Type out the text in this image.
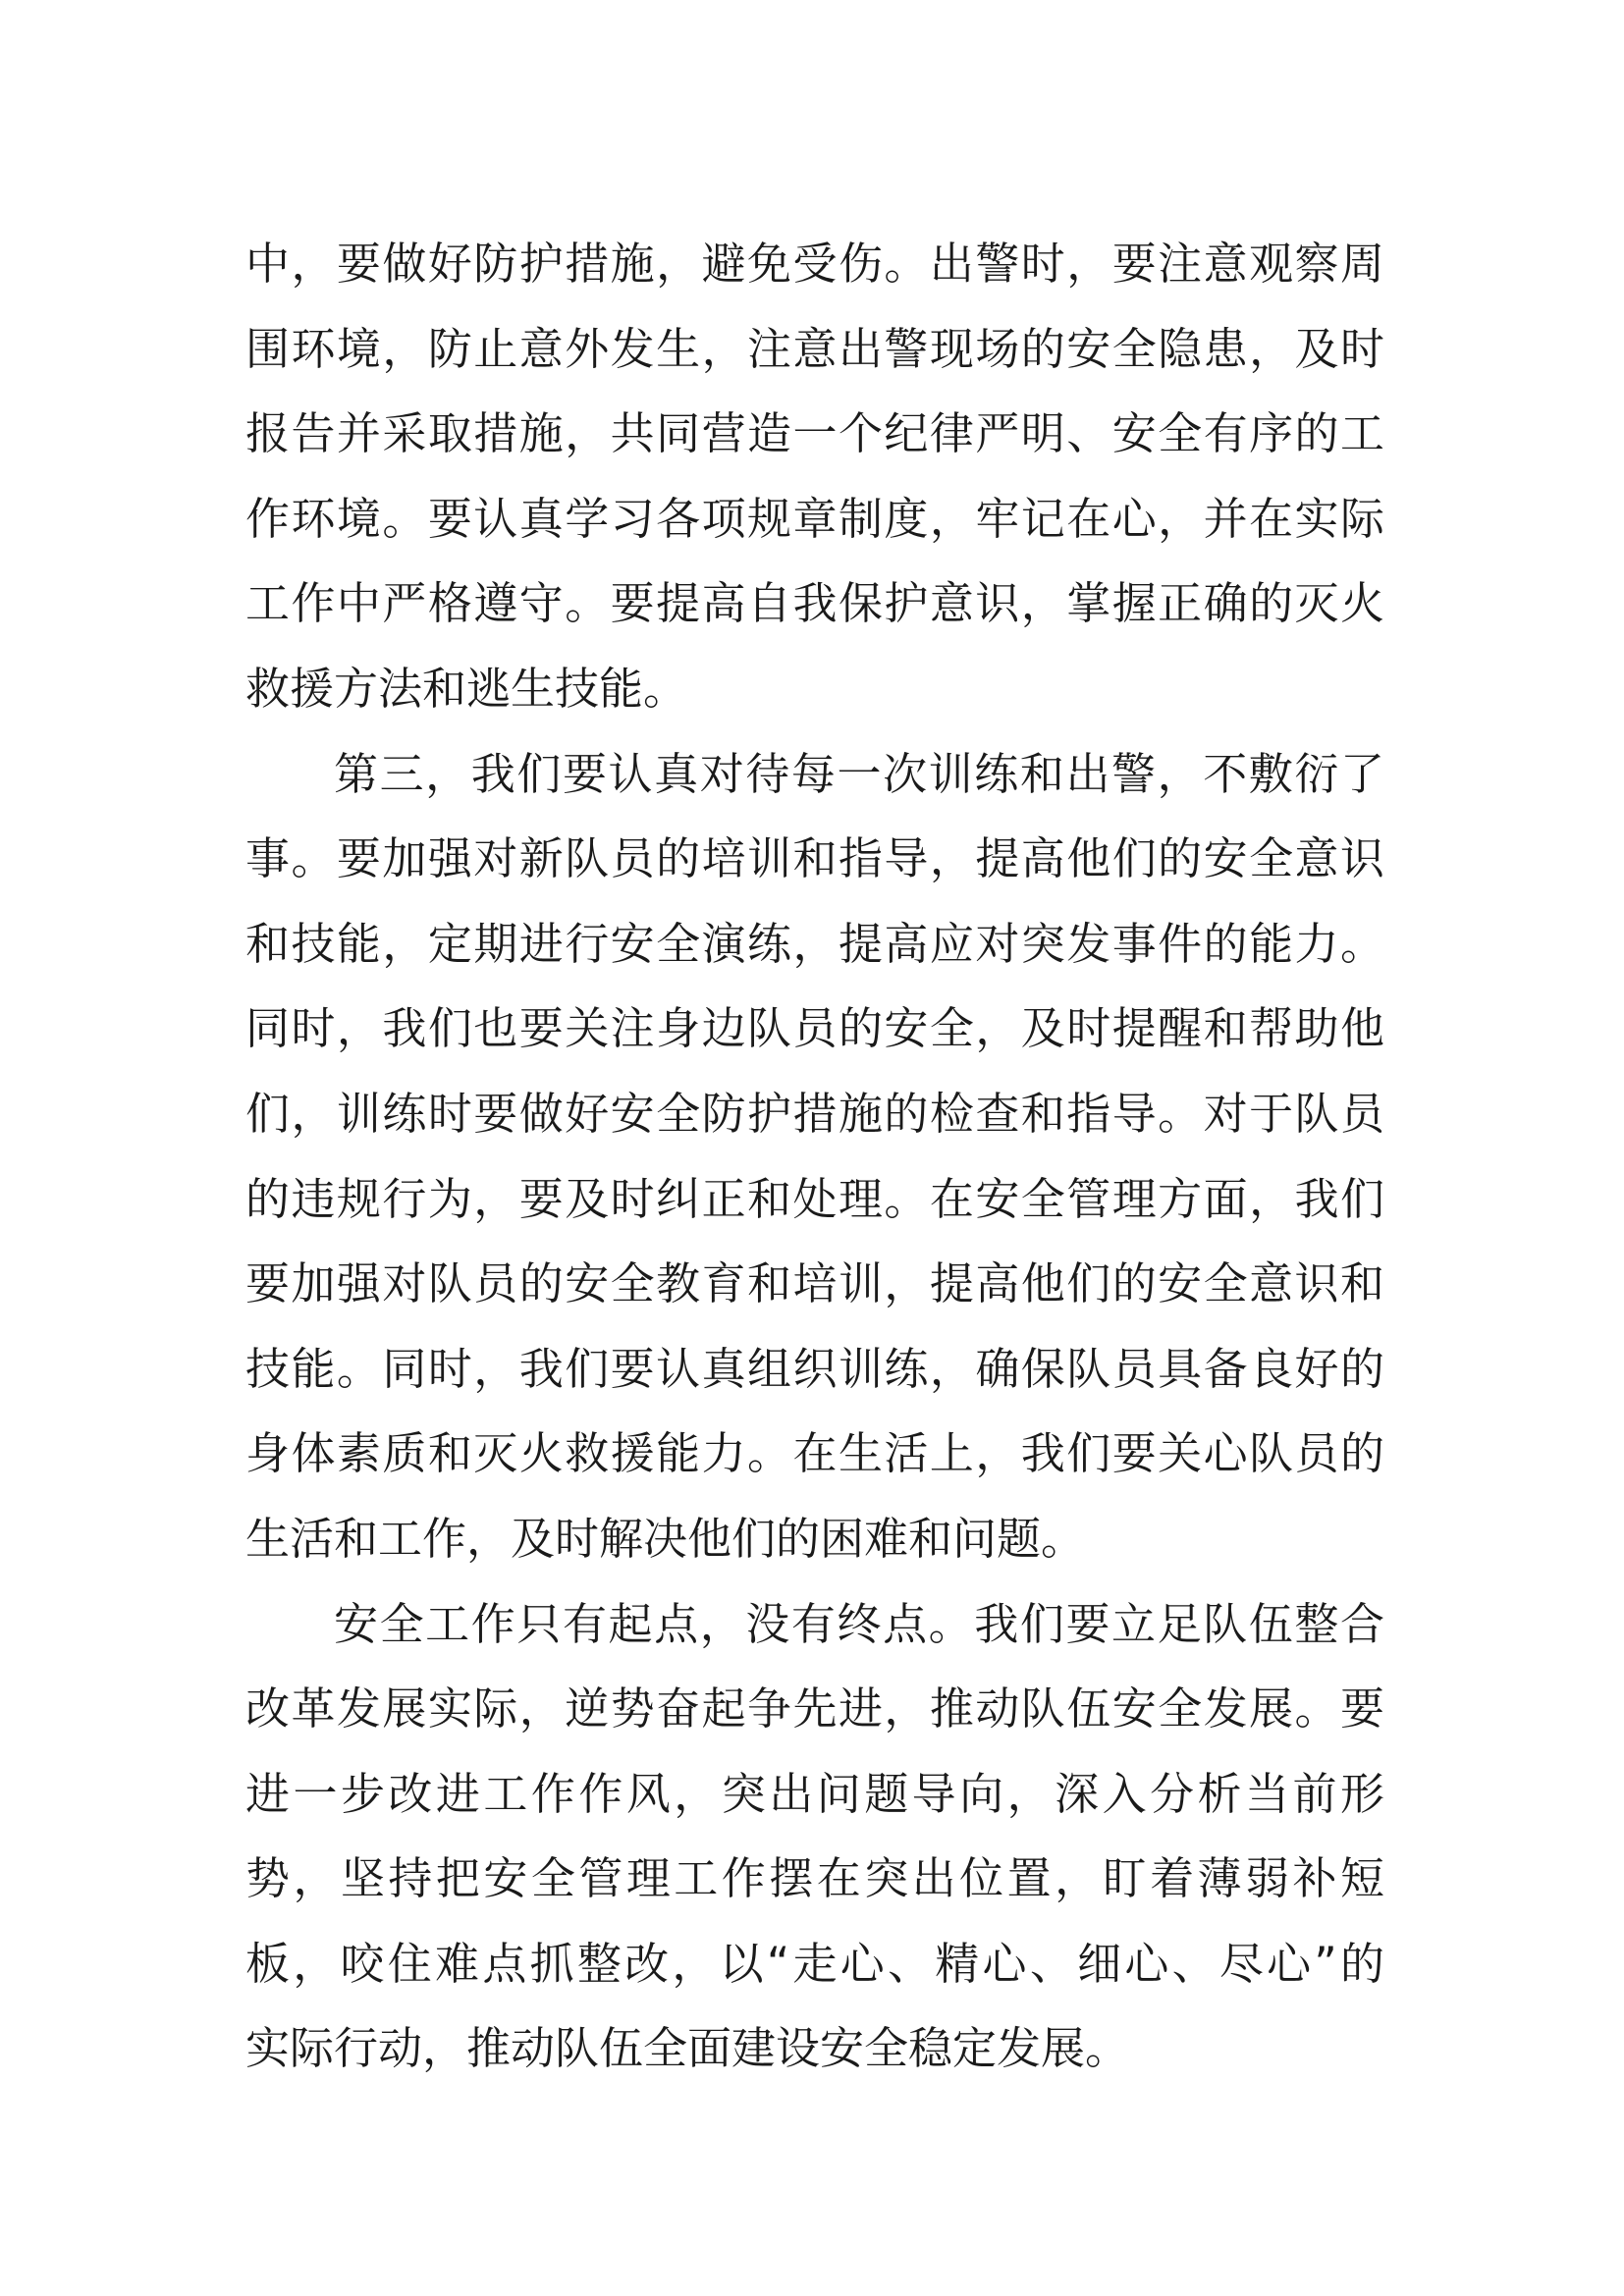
中，要做好防护措施，避免受伤。出警时，要注意观察周
围环境，防止意外发生，注意出警现场的安全隐患，及时
报告并采取措施，共同营造一个纪律严明、安全有序的工
作环境。要认真学习各项规章制度，牢记在心，并在实际
工作中严格遵守。要提高自我保护意识，掌握正确的灭火
救援方法和逃生技能。
第三，我们要认真对待每一次训练和出警，不敷衍了
事。要加强对新队员的培训和指导，提高他们的安全意识
和技能，定期进行安全演练，提高应对突发事件的能力。
同时，我们也要关注身边队员的安全，及时提醒和帮助他
们，训练时要做好安全防护措施的检查和指导。对于队员
的违规行为，要及时纠正和处理。在安全管理方面，我们
要加强对队员的安全教育和培训，提高他们的安全意识和
技能。同时，我们要认真组织训练，确保队员具备良好的
身体素质和灭火救援能力。在生活上，我们要关心队员的
生活和工作，及时解决他们的困难和问题。
安全工作只有起点，没有终点。我们要立足队伍整合
改革发展实际，逆势奋起争先进，推动队伍安全发展。要
进一步改进工作作风，突出问题导向，深入分析当前形
势，坚持把安全管理工作摆在突出位置，盯着薄弱补短
板，咬住难点抓整改，以“走心、精心、细心、尽心”的
实际行动，推动队伍全面建设安全稳定发展。
